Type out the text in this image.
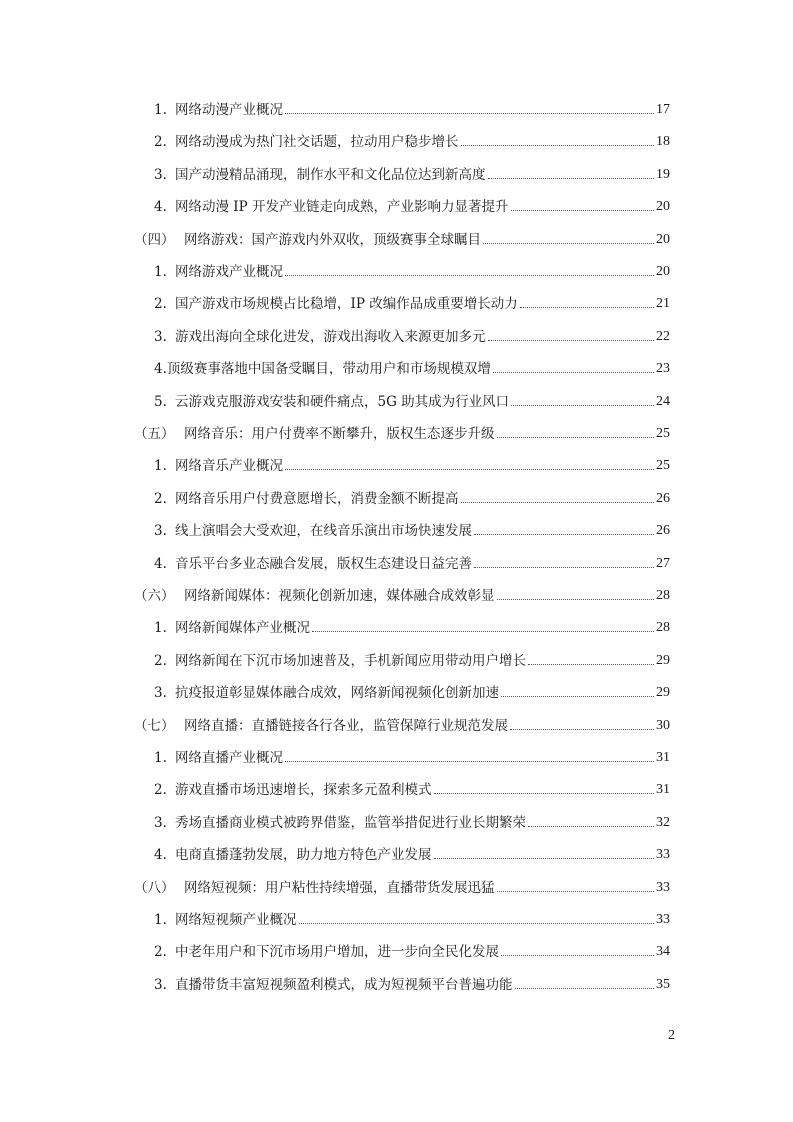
1. 网络动漫产业概况	17
2. 网络动漫成为热门社交话题，拉动用户稳步增长	18
3. 国产动漫精品涌现，制作水平和文化品位达到新高度	19
4. 网络动漫 IP 开发产业链走向成熟，产业影响力显著提升	20
（四） 网络游戏：国产游戏内外双收，顶级赛事全球瞩目	20
1. 网络游戏产业概况	20
2. 国产游戏市场规模占比稳增，IP 改编作品成重要增长动力	21
3. 游戏出海向全球化进发，游戏出海收入来源更加多元	22
4. 顶级赛事落地中国备受瞩目，带动用户和市场规模双增	23
5. 云游戏克服游戏安装和硬件痛点，5G 助其成为行业风口	24
（五） 网络音乐：用户付费率不断攀升，版权生态逐步升级	25
1. 网络音乐产业概况	25
2. 网络音乐用户付费意愿增长，消费金额不断提高	26
3. 线上演唱会大受欢迎，在线音乐演出市场快速发展	26
4. 音乐平台多业态融合发展，版权生态建设日益完善	27
（六） 网络新闻媒体：视频化创新加速，媒体融合成效彰显	28
1. 网络新闻媒体产业概况	28
2. 网络新闻在下沉市场加速普及，手机新闻应用带动用户增长	29
3. 抗疫报道彰显媒体融合成效，网络新闻视频化创新加速	29
（七） 网络直播：直播链接各行各业，监管保障行业规范发展	30
1. 网络直播产业概况	31
2. 游戏直播市场迅速增长，探索多元盈利模式	31
3. 秀场直播商业模式被跨界借鉴，监管举措促进行业长期繁荣	32
4. 电商直播蓬勃发展，助力地方特色产业发展	33
（八） 网络短视频：用户粘性持续增强，直播带货发展迅猛	33
1. 网络短视频产业概况	33
2. 中老年用户和下沉市场用户增加，进一步向全民化发展	34
3. 直播带货丰富短视频盈利模式，成为短视频平台普遍功能	35
2
